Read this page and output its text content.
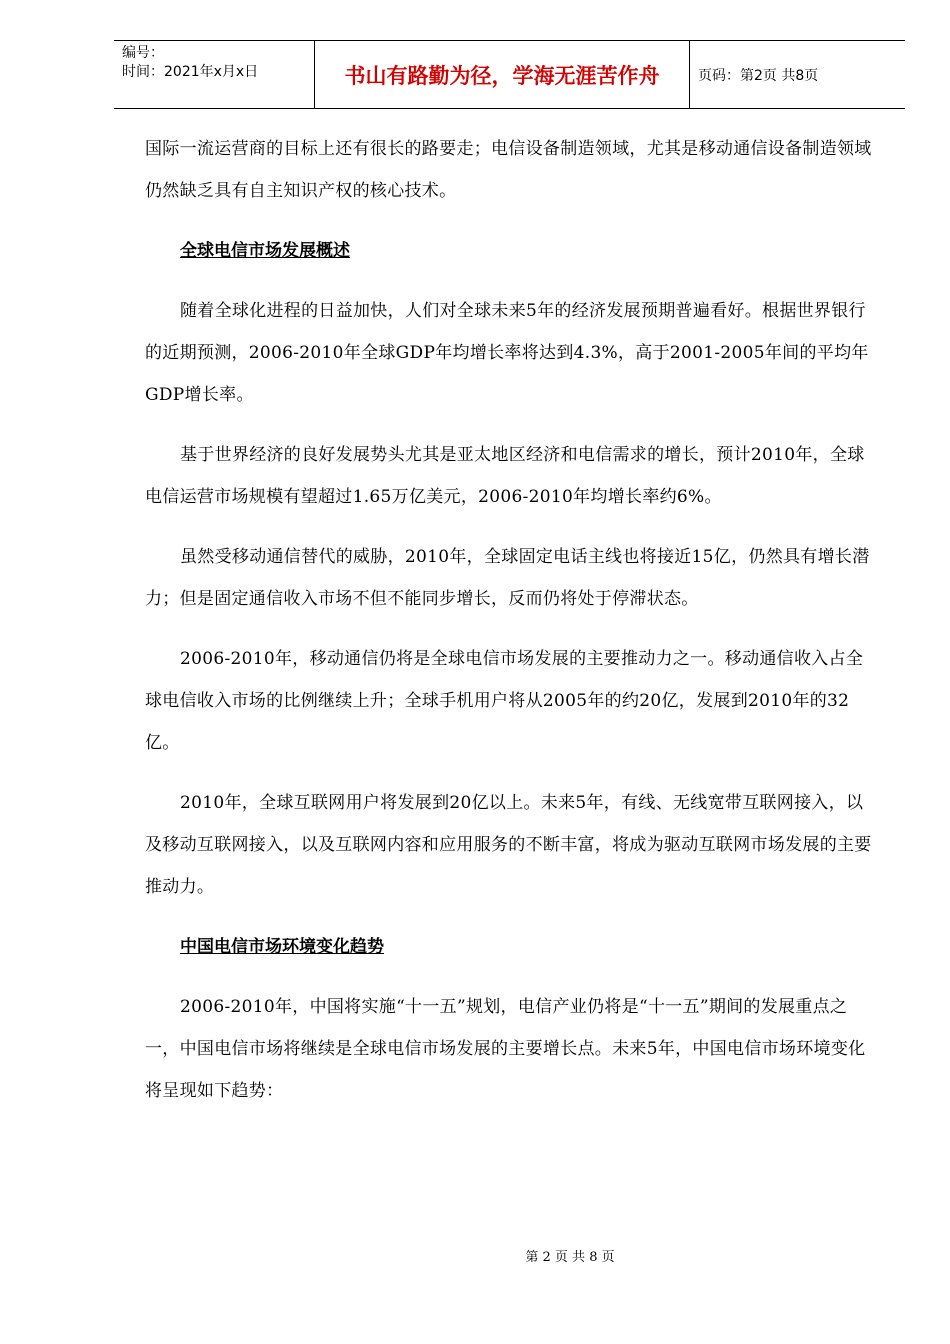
编号：
时间：2021年x月x日	书山有路勤为径，学海无涯苦作舟	页码：第2页 共8页

国际一流运营商的目标上还有很长的路要走；电信设备制造领域，尤其是移动通信设备制造领域仍然缺乏具有自主知识产权的核心技术。

全球电信市场发展概述

随着全球化进程的日益加快，人们对全球未来5年的经济发展预期普遍看好。根据世界银行的近期预测，2006-2010年全球GDP年均增长率将达到4.3%，高于2001-2005年间的平均年GDP增长率。

基于世界经济的良好发展势头尤其是亚太地区经济和电信需求的增长，预计2010年，全球电信运营市场规模有望超过1.65万亿美元，2006-2010年均增长率约6%。

虽然受移动通信替代的威胁，2010年，全球固定电话主线也将接近15亿，仍然具有增长潜力；但是固定通信收入市场不但不能同步增长，反而仍将处于停滞状态。

2006-2010年，移动通信仍将是全球电信市场发展的主要推动力之一。移动通信收入占全球电信收入市场的比例继续上升；全球手机用户将从2005年的约20亿，发展到2010年的32亿。

2010年，全球互联网用户将发展到20亿以上。未来5年，有线、无线宽带互联网接入，以及移动互联网接入，以及互联网内容和应用服务的不断丰富，将成为驱动互联网市场发展的主要推动力。

中国电信市场环境变化趋势

2006-2010年，中国将实施“十一五”规划，电信产业仍将是“十一五”期间的发展重点之一，中国电信市场将继续是全球电信市场发展的主要增长点。未来5年，中国电信市场环境变化将呈现如下趋势：

第 2 页 共 8 页
